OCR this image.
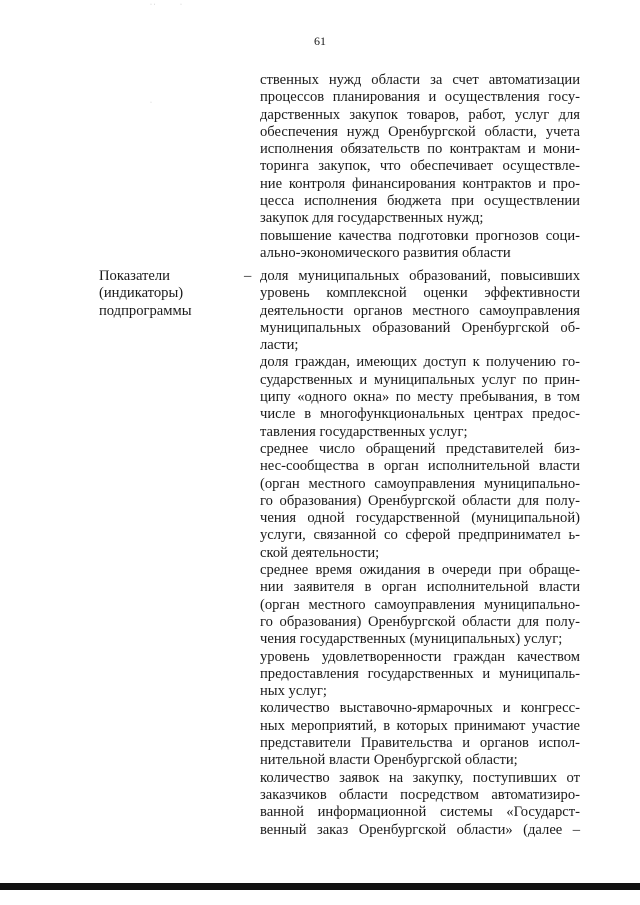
· ·	·
·
61
ственных нужд области за счет автоматизации
процессов планирования и осуществления госу-
дарственных закупок товаров, работ, услуг для
обеспечения нужд Оренбургской области, учета
исполнения обязательств по контрактам и мони-
торинга закупок, что обеспечивает осуществле-
ние контроля финансирования контрактов и про-
цесса исполнения бюджета при осуществлении
закупок для государственных нужд;
повышение качества подготовки прогнозов соци-
ально-экономического развития области
Показатели
(индикаторы)
подпрограммы
– доля муниципальных образований, повысивших
уровень комплексной оценки эффективности
деятельности органов местного самоуправления
муниципальных образований Оренбургской об-
ласти;
доля граждан, имеющих доступ к получению го-
сударственных и муниципальных услуг по прин-
ципу «одного окна» по месту пребывания, в том
числе в многофункциональных центрах предос-
тавления государственных услуг;
среднее число обращений представителей биз-
нес-сообщества в орган исполнительной власти
(орган местного самоуправления муниципально-
го образования) Оренбургской области для полу-
чения одной государственной (муниципальной)
услуги, связанной со сферой предпринимател ь-
ской деятельности;
среднее время ожидания в очереди при обраще-
нии заявителя в орган исполнительной власти
(орган местного самоуправления муниципально-
го образования) Оренбургской области для полу-
чения государственных (муниципальных) услуг;
уровень удовлетворенности граждан качеством
предоставления государственных и муниципаль-
ных услуг;
количество выставочно-ярмарочных и конгресс-
ных мероприятий, в которых принимают участие
представители Правительства и органов испол-
нительной власти Оренбургской области;
количество заявок на закупку, поступивших от
заказчиков области посредством автоматизиро-
ванной информационной системы «Государст-
венный заказ Оренбургской области» (далее –
